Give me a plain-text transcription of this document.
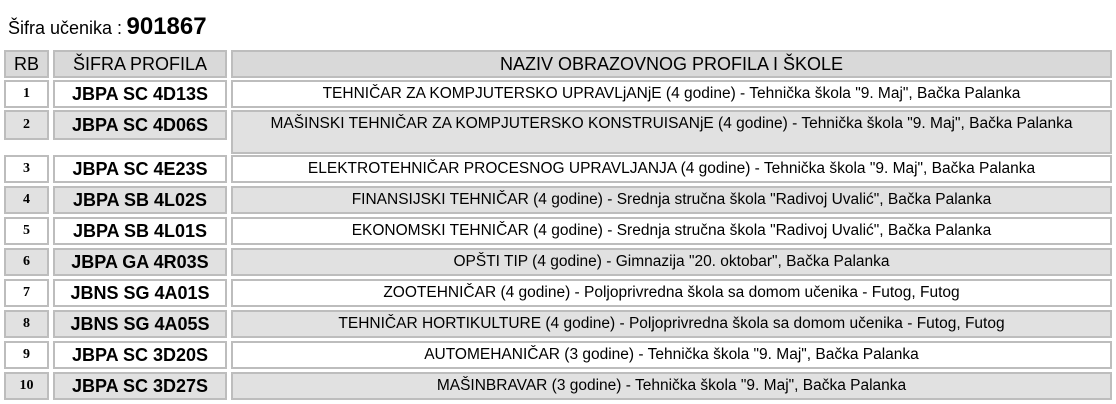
Šifra učenika : 901867
RB	ŠIFRA PROFILA	NAZIV OBRAZOVNOG PROFILA I ŠKOLE
1	JBPA SC 4D13S	TEHNIČAR ZA KOMPJUTERSKO UPRAVLjANjE (4 godine) - Tehnička škola "9. Maj", Bačka Palanka
2	JBPA SC 4D06S	MAŠINSKI TEHNIČAR ZA KOMPJUTERSKO KONSTRUISANjE (4 godine) - Tehnička škola "9. Maj", Bačka Palanka
3	JBPA SC 4E23S	ELEKTROTEHNIČAR PROCESNOG UPRAVLJANJA (4 godine) - Tehnička škola "9. Maj", Bačka Palanka
4	JBPA SB 4L02S	FINANSIJSKI TEHNIČAR (4 godine) - Srednja stručna škola "Radivoj Uvalić", Bačka Palanka
5	JBPA SB 4L01S	EKONOMSKI TEHNIČAR (4 godine) - Srednja stručna škola "Radivoj Uvalić", Bačka Palanka
6	JBPA GA 4R03S	OPŠTI TIP (4 godine) - Gimnazija "20. oktobar", Bačka Palanka
7	JBNS SG 4A01S	ZOOTEHNIČAR (4 godine) - Poljoprivredna škola sa domom učenika - Futog, Futog
8	JBNS SG 4A05S	TEHNIČAR HORTIKULTURE (4 godine) - Poljoprivredna škola sa domom učenika - Futog, Futog
9	JBPA SC 3D20S	AUTOMEHANIČAR (3 godine) - Tehnička škola "9. Maj", Bačka Palanka
10	JBPA SC 3D27S	MAŠINBRAVAR (3 godine) - Tehnička škola "9. Maj", Bačka Palanka
